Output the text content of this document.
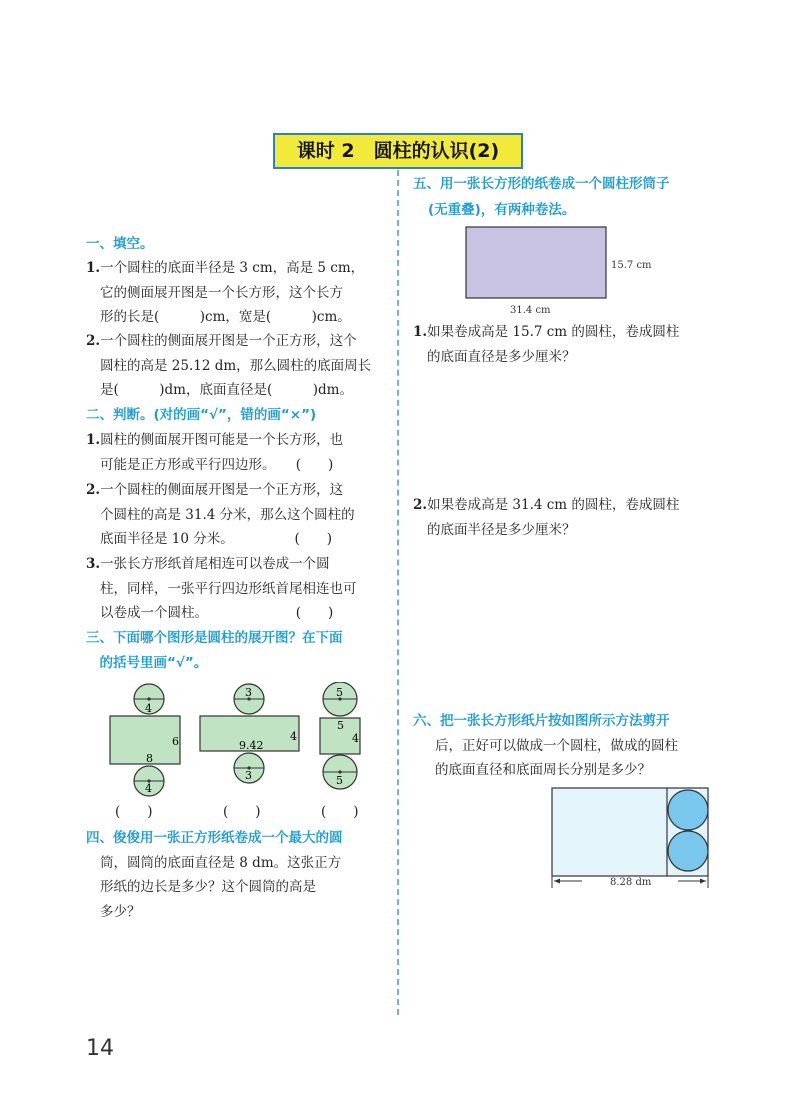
课时 2　圆柱的认识(2)
一、填空。
1.一个圆柱的底面半径是 3 cm，高是 5 cm，
它的侧面展开图是一个长方形，这个长方
形的长是(　　　)cm，宽是(　　　)cm。
2.一个圆柱的侧面展开图是一个正方形，这个
圆柱的高是 25.12 dm，那么圆柱的底面周长
是(　　　)dm，底面直径是(　　　)dm。
二、判断。(对的画“√”，错的画“×”)
1.圆柱的侧面展开图可能是一个长方形，也
可能是正方形或平行四边形。　　(　　)
2.一个圆柱的侧面展开图是一个正方形，这
个圆柱的高是 31.4 分米，那么这个圆柱的
底面半径是 10 分米。　　　　　(　　)
3.一张长方形纸首尾相连可以卷成一个圆
柱，同样，一张平行四边形纸首尾相连也可
以卷成一个圆柱。　　　　　　　(　　)
三、下面哪个图形是圆柱的展开图？在下面
　的括号里画“√”。
4
6
8
4
3
9.42
4
3
5
5
4
5
(　　)	(　　)	(　　)
四、俊俊用一张正方形纸卷成一个最大的圆
筒，圆筒的底面直径是 8 dm。这张正方
形纸的边长是多少？这个圆筒的高是
多少？
五、用一张长方形的纸卷成一个圆柱形筒子
(无重叠)，有两种卷法。
15.7 cm
31.4 cm
1.如果卷成高是 15.7 cm 的圆柱，卷成圆柱
的底面直径是多少厘米？
2.如果卷成高是 31.4 cm 的圆柱，卷成圆柱
的底面半径是多少厘米？
六、把一张长方形纸片按如图所示方法剪开
后，正好可以做成一个圆柱，做成的圆柱
的底面直径和底面周长分别是多少？
8.28 dm
14
